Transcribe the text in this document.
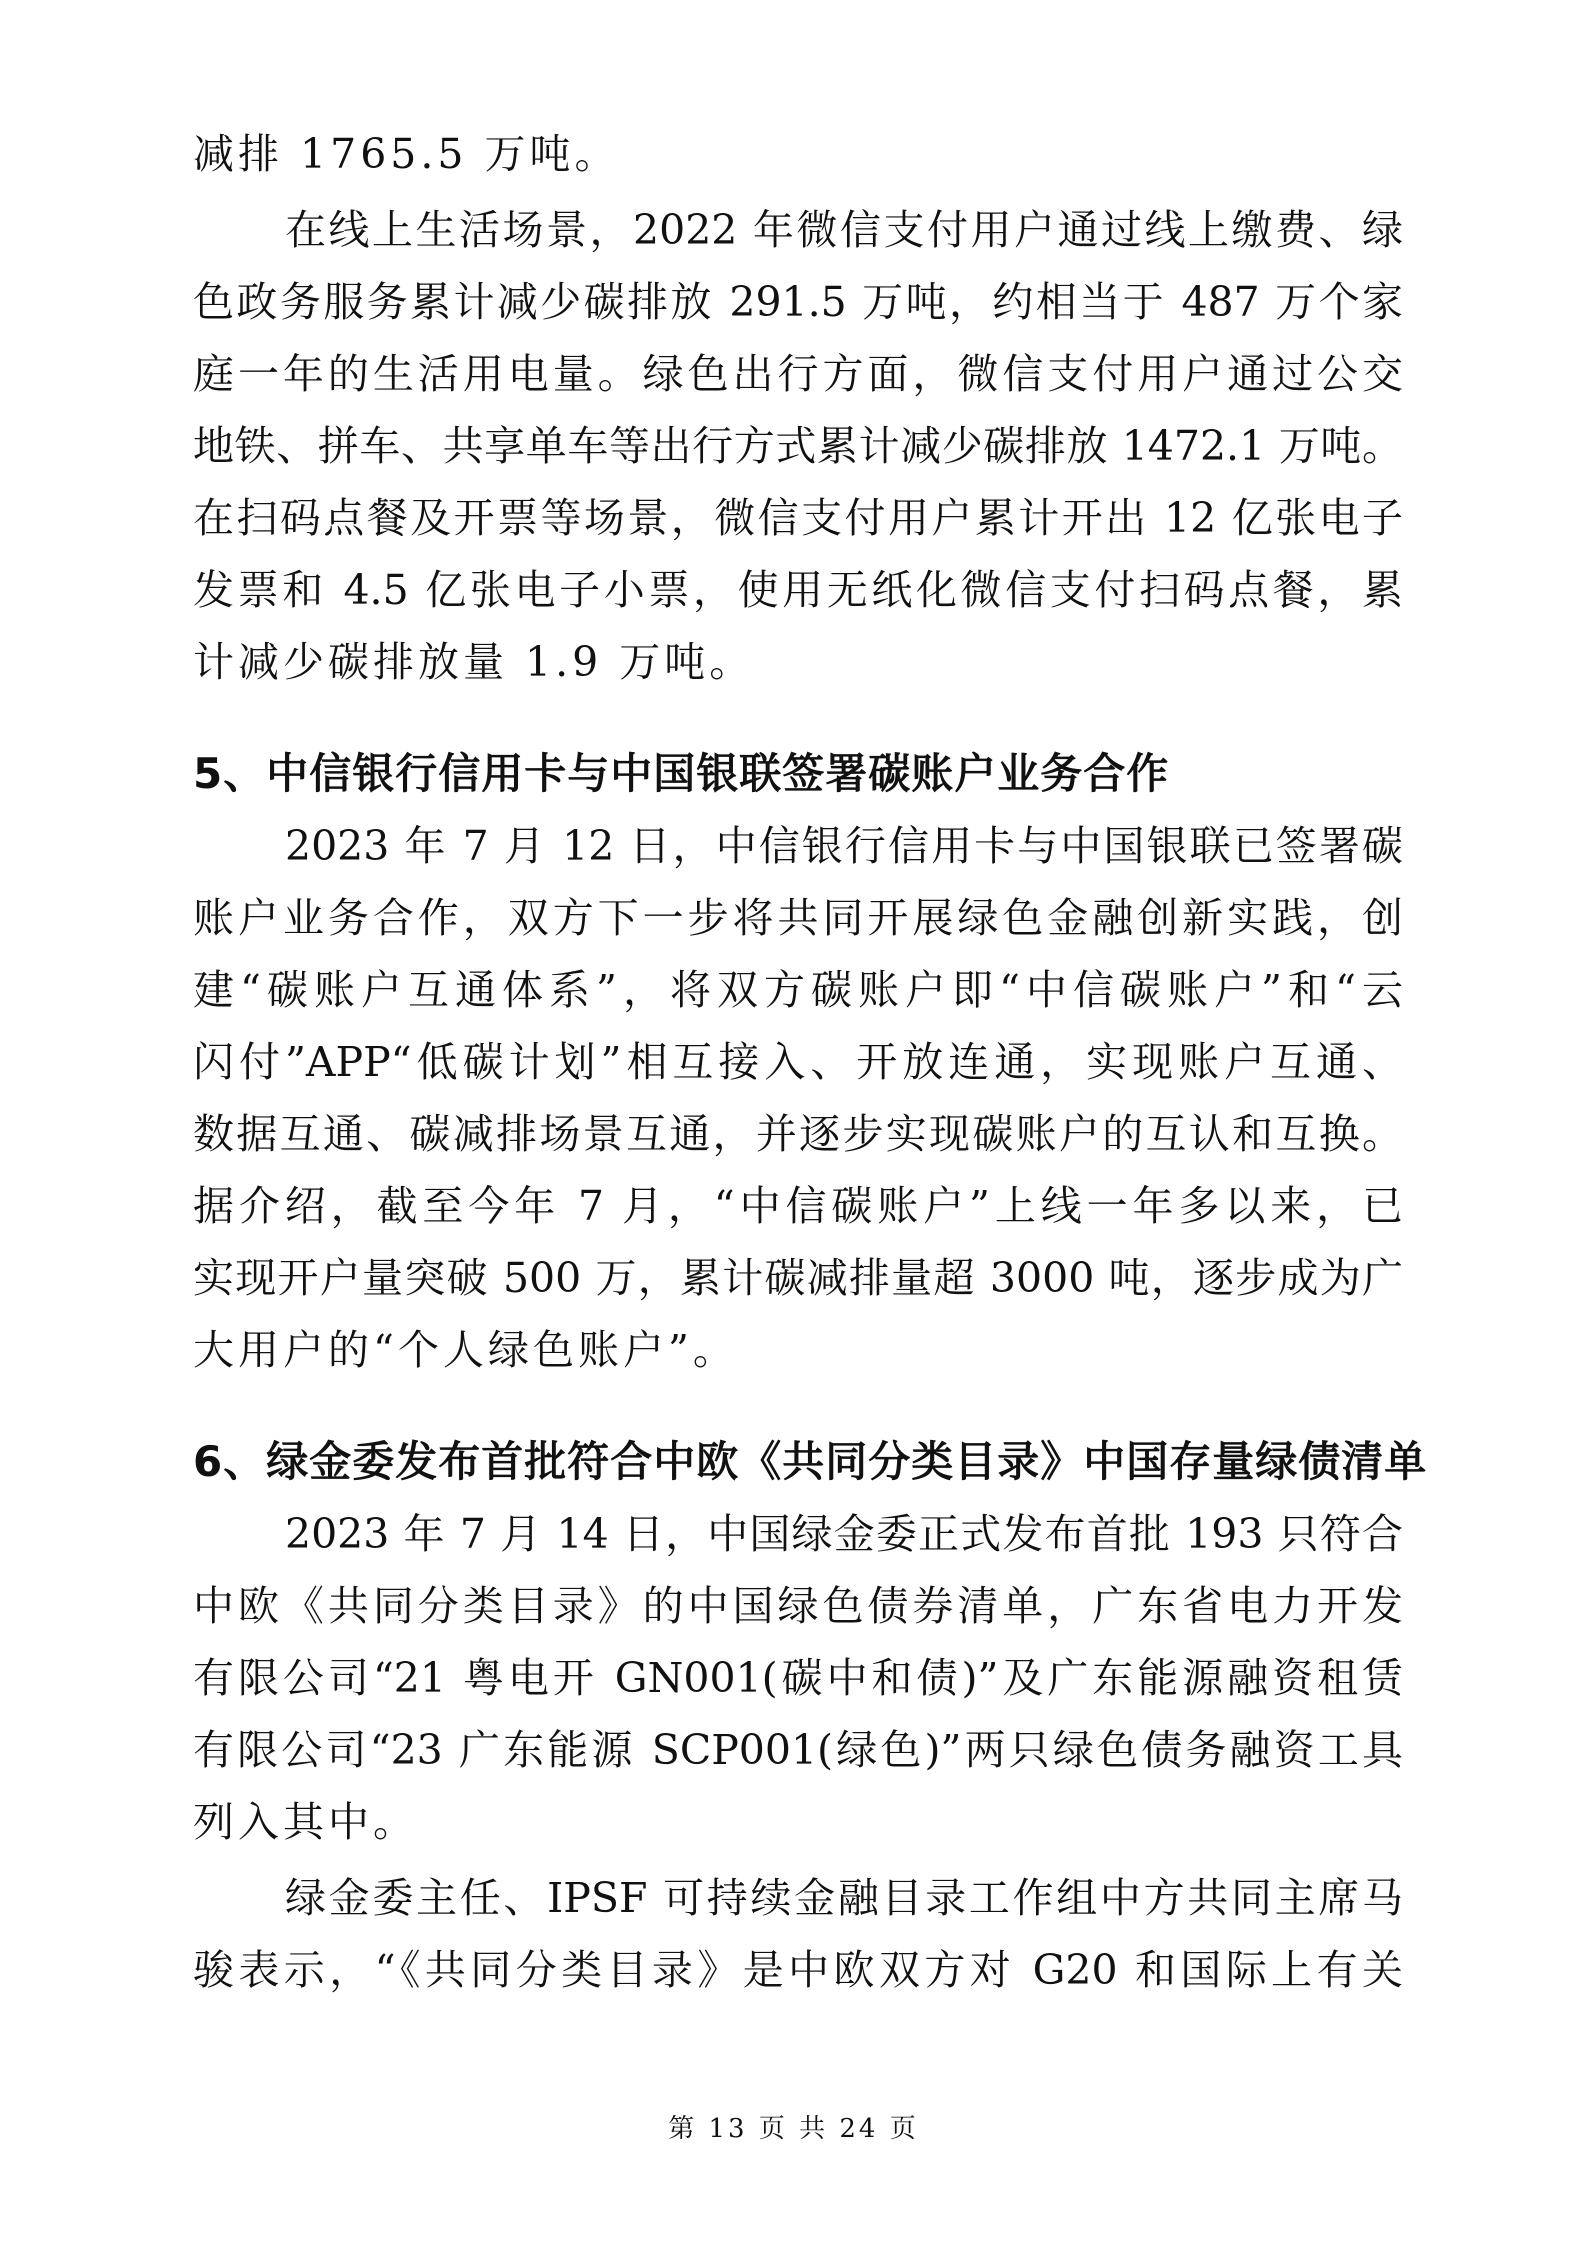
减排 1765.5 万吨。
在线上生活场景，2022 年微信支付用户通过线上缴费、绿
色政务服务累计减少碳排放 291.5 万吨，约相当于 487 万个家
庭一年的生活用电量。绿色出行方面，微信支付用户通过公交
地铁、拼车、共享单车等出行方式累计减少碳排放 1472.1 万吨。
在扫码点餐及开票等场景，微信支付用户累计开出 12 亿张电子
发票和 4.5 亿张电子小票，使用无纸化微信支付扫码点餐，累
计减少碳排放量 1.9 万吨。
5、中信银行信用卡与中国银联签署碳账户业务合作
2023 年 7 月 12 日，中信银行信用卡与中国银联已签署碳
账户业务合作，双方下一步将共同开展绿色金融创新实践，创
建“碳账户互通体系”，将双方碳账户即“中信碳账户”和“云
闪付”APP“低碳计划”相互接入、开放连通，实现账户互通、
数据互通、碳减排场景互通，并逐步实现碳账户的互认和互换。
据介绍，截至今年 7 月，“中信碳账户”上线一年多以来，已
实现开户量突破 500 万，累计碳减排量超 3000 吨，逐步成为广
大用户的“个人绿色账户”。
6、绿金委发布首批符合中欧《共同分类目录》中国存量绿债清单
2023 年 7 月 14 日，中国绿金委正式发布首批 193 只符合
中欧《共同分类目录》的中国绿色债券清单，广东省电力开发
有限公司“21 粤电开 GN001(碳中和债)”及广东能源融资租赁
有限公司“23 广东能源 SCP001(绿色)”两只绿色债务融资工具
列入其中。
绿金委主任、IPSF 可持续金融目录工作组中方共同主席马
骏表示，“《共同分类目录》是中欧双方对 G20 和国际上有关
第 13 页 共 24 页
